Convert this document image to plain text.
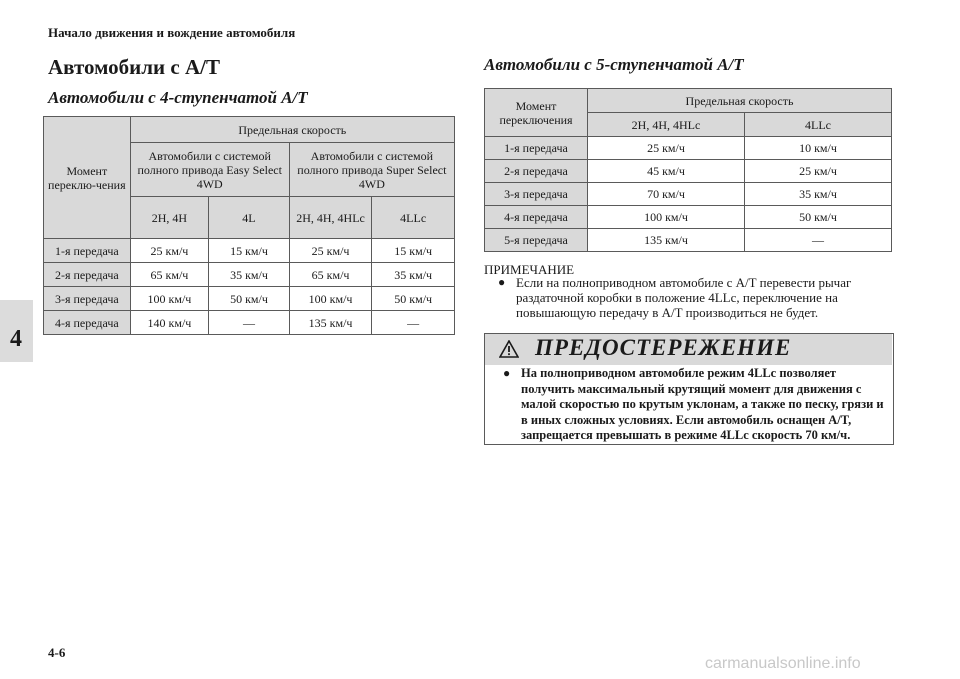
Начало движения и вождение автомобиля
Автомобили с A/T
4
Автомобили с 4-ступенчатой A/T
Момент переклю-чения	Предельная скорость			
	Автомобили с системой полного привода Easy Select 4WD		Автомобили с системой полного привода Super Select 4WD	
	2H, 4H	4L	2H, 4H, 4HLc	4LLc
1-я передача	25 км/ч	15 км/ч	25 км/ч	15 км/ч
2-я передача	65 км/ч	35 км/ч	65 км/ч	35 км/ч
3-я передача	100 км/ч	50 км/ч	100 км/ч	50 км/ч
4-я передача	140 км/ч	—	135 км/ч	—
Автомобили с 5-ступенчатой A/T
Момент переключения	Предельная скорость	
	2H, 4H, 4HLc	4LLc
1-я передача	25 км/ч	10 км/ч
2-я передача	45 км/ч	25 км/ч
3-я передача	70 км/ч	35 км/ч
4-я передача	100 км/ч	50 км/ч
5-я передача	135 км/ч	—
ПРИМЕЧАНИЕ
● Если на полноприводном автомобиле с A/T перевести рычаг раздаточной коробки в положение 4LLc, переключение на повышающую передачу в A/T производиться не будет.
ПРЕДОСТЕРЕЖЕНИЕ
● На полноприводном автомобиле режим 4LLc позволяет получить максимальный крутящий момент для движения с малой скоростью по крутым уклонам, а также по песку, грязи и в иных сложных условиях. Если автомобиль оснащен A/T, запрещается превышать в режиме 4LLc скорость 70 км/ч.
4-6
carmanualsonline.info
